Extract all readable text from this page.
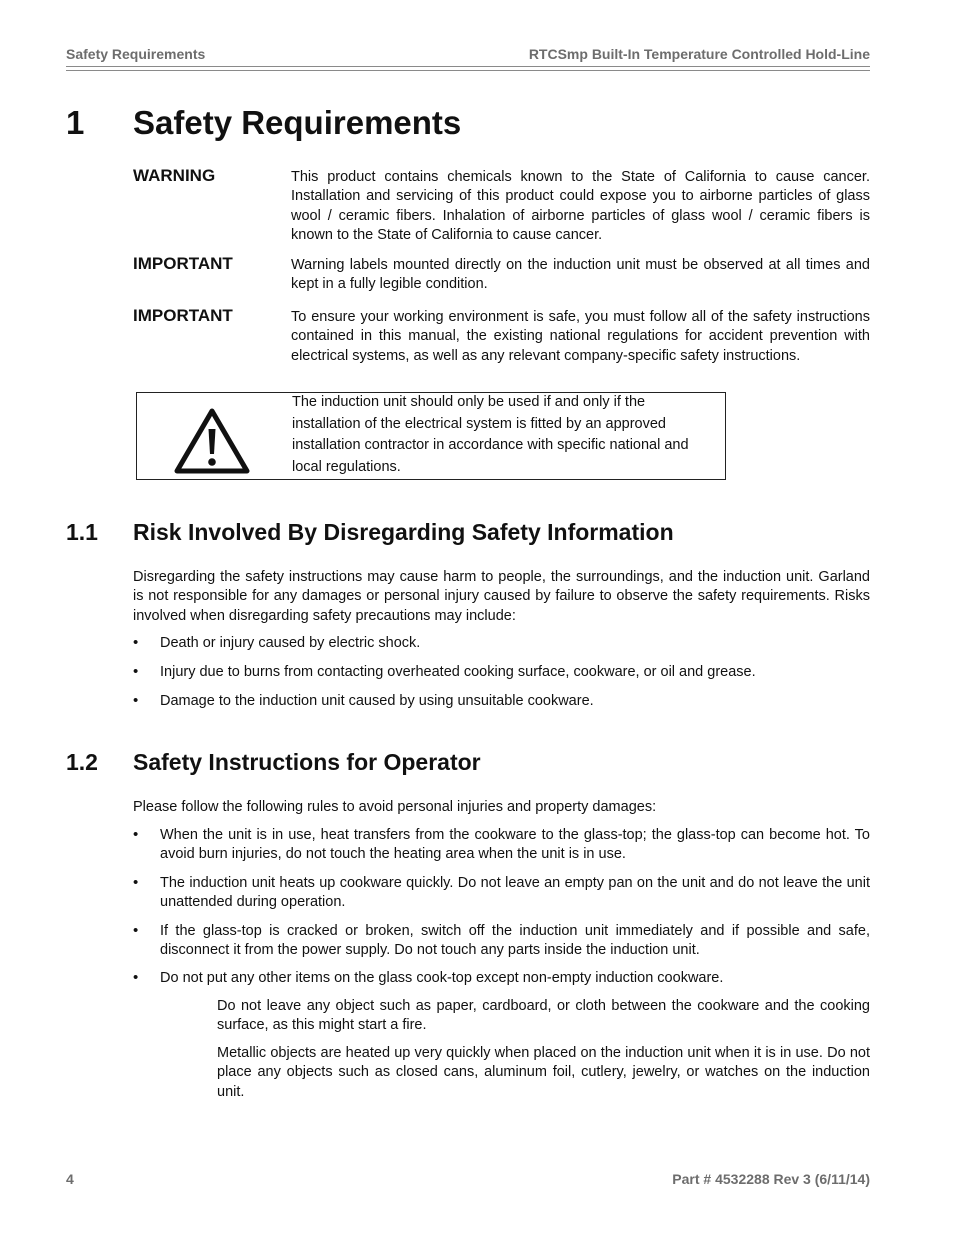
Safety Requirements	RTCSmp Built-In Temperature Controlled Hold-Line
1 Safety Requirements
WARNING	This product contains chemicals known to the State of California to cause cancer. Installation and servicing of this product could expose you to airborne particles of glass wool / ceramic fibers. Inhalation of airborne particles of glass wool / ceramic fibers is known to the State of California to cause cancer.

IMPORTANT	Warning labels mounted directly on the induction unit must be observed at all times and kept in a fully legible condition.

IMPORTANT	To ensure your working environment is safe, you must follow all of the safety instructions contained in this manual, the existing national regulations for accident prevention with electrical systems, as well as any relevant company-specific safety instructions.

The induction unit should only be used if and only if the
installation of the electrical system is fitted by an approved
installation contractor in accordance with specific national and
local regulations.
1.1 Risk Involved By Disregarding Safety Information

Disregarding the safety instructions may cause harm to people, the surroundings, and the induction unit. Garland is not responsible for any damages or personal injury caused by failure to observe the safety requirements. Risks involved when disregarding safety precautions may include:

• Death or injury caused by electric shock.

• Injury due to burns from contacting overheated cooking surface, cookware, or oil and grease.

• Damage to the induction unit caused by using unsuitable cookware.

1.2 Safety Instructions for Operator

Please follow the following rules to avoid personal injuries and property damages:

• When the unit is in use, heat transfers from the cookware to the glass-top; the glass-top can become hot. To avoid burn injuries, do not touch the heating area when the unit is in use.

• The induction unit heats up cookware quickly. Do not leave an empty pan on the unit and do not leave the unit unattended during operation.

• If the glass-top is cracked or broken, switch off the induction unit immediately and if possible and safe, disconnect it from the power supply. Do not touch any parts inside the induction unit.

• Do not put any other items on the glass cook-top except non-empty induction cookware.

Do not leave any object such as paper, cardboard, or cloth between the cookware and the cooking surface, as this might start a fire.

Metallic objects are heated up very quickly when placed on the induction unit when it is in use. Do not place any objects such as closed cans, aluminum foil, cutlery, jewelry, or watches on the induction unit.

4	Part # 4532288 Rev 3 (6/11/14)
